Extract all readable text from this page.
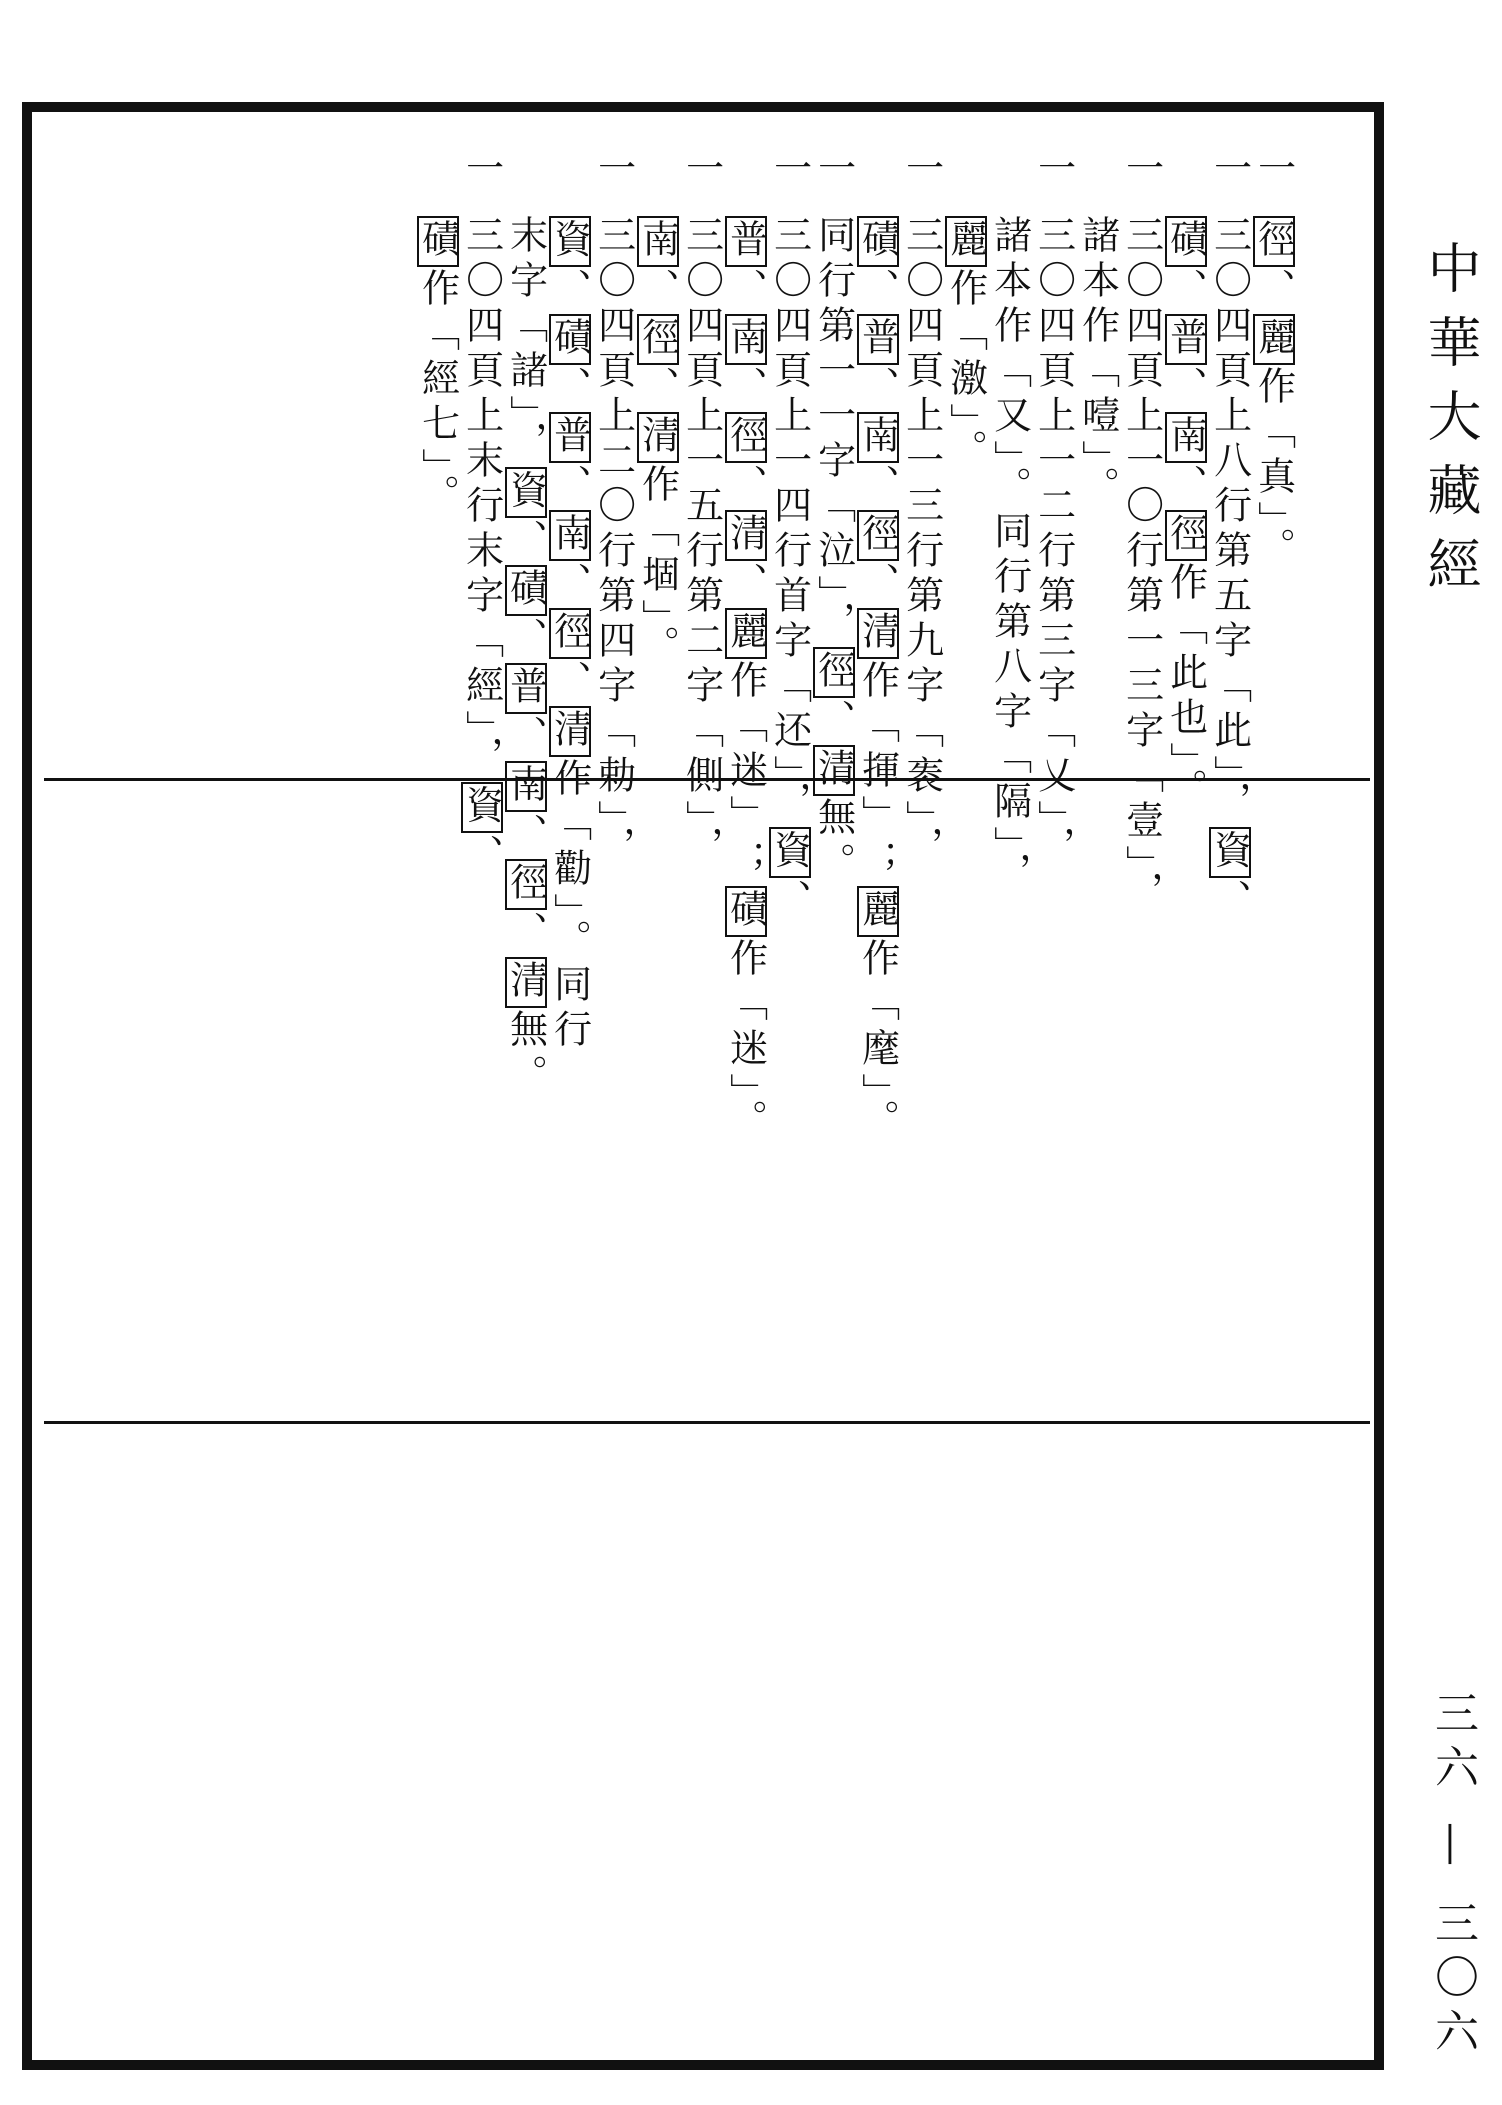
中華大藏經
三六 — 三〇六
一
徑、麗作「真」。
一
三〇四頁上八行第五字「此」，資、
磧、普、南、徑作「此也」。
一
三〇四頁上一〇行第一三字「壹」，
諸本作「噎」。
一
三〇四頁上一二行第三字「乂」，
諸本作「又」。同行第八字「隔」，
麗作「激」。
一
三〇四頁上一三行第九字「袠」，
磧、普、南、徑、清作「揮」；麗作「麾」。
一
同行第一一字「泣」，徑、清無。
一
三〇四頁上一四行首字「还」，資、
普、南、徑、清、麗作「迷」；磧作「迷」。
一
三〇四頁上一五行第二字「側」，
南、徑、清作「堌」。
一
三〇四頁上二〇行第四字「勅」，
資、磧、普、南、徑、清作「勸」。同行
末字「諸」，資、磧、普、南、徑、清無。
一
三〇四頁上末行末字「經」，資、
磧作「經七」。
